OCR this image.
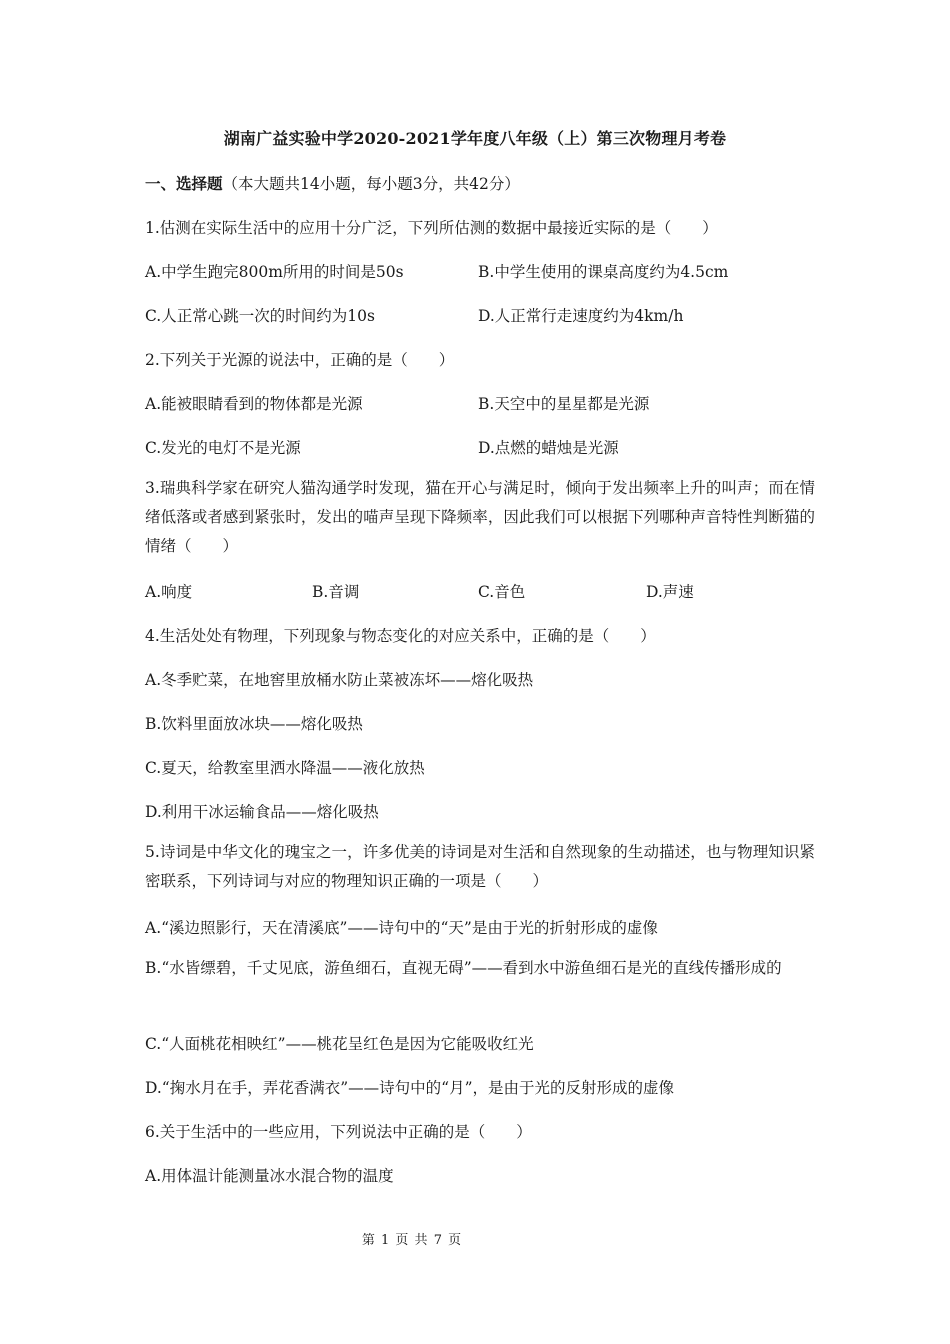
湖南广益实验中学2020-2021学年度八年级（上）第三次物理月考卷
一、选择题（本大题共14小题，每小题3分，共42分）
1.估测在实际生活中的应用十分广泛，下列所估测的数据中最接近实际的是（　　）
A.中学生跑完800m所用的时间是50s	B.中学生使用的课桌高度约为4.5cm
C.人正常心跳一次的时间约为10s	D.人正常行走速度约为4km/h
2.下列关于光源的说法中，正确的是（　　）
A.能被眼睛看到的物体都是光源	B.天空中的星星都是光源
C.发光的电灯不是光源	D.点燃的蜡烛是光源
3.瑞典科学家在研究人猫沟通学时发现，猫在开心与满足时，倾向于发出频率上升的叫声；而在情绪低落或者感到紧张时，发出的喵声呈现下降频率，因此我们可以根据下列哪种声音特性判断猫的情绪（　　）
A.响度	B.音调	C.音色	D.声速
4.生活处处有物理，下列现象与物态变化的对应关系中，正确的是（　　）
A.冬季贮菜，在地窖里放桶水防止菜被冻坏——熔化吸热
B.饮料里面放冰块——熔化吸热
C.夏天，给教室里洒水降温——液化放热
D.利用干冰运输食品——熔化吸热
5.诗词是中华文化的瑰宝之一，许多优美的诗词是对生活和自然现象的生动描述，也与物理知识紧密联系，下列诗词与对应的物理知识正确的一项是（　　）
A.“溪边照影行，天在清溪底”——诗句中的“天”是由于光的折射形成的虚像
B.“水皆缥碧，千丈见底，游鱼细石，直视无碍”——看到水中游鱼细石是光的直线传播形成的
C.“人面桃花相映红”——桃花呈红色是因为它能吸收红光
D.“掬水月在手，弄花香满衣”——诗句中的“月”，是由于光的反射形成的虚像
6.关于生活中的一些应用，下列说法中正确的是（　　）
A.用体温计能测量冰水混合物的温度
第 1 页 共 7 页
